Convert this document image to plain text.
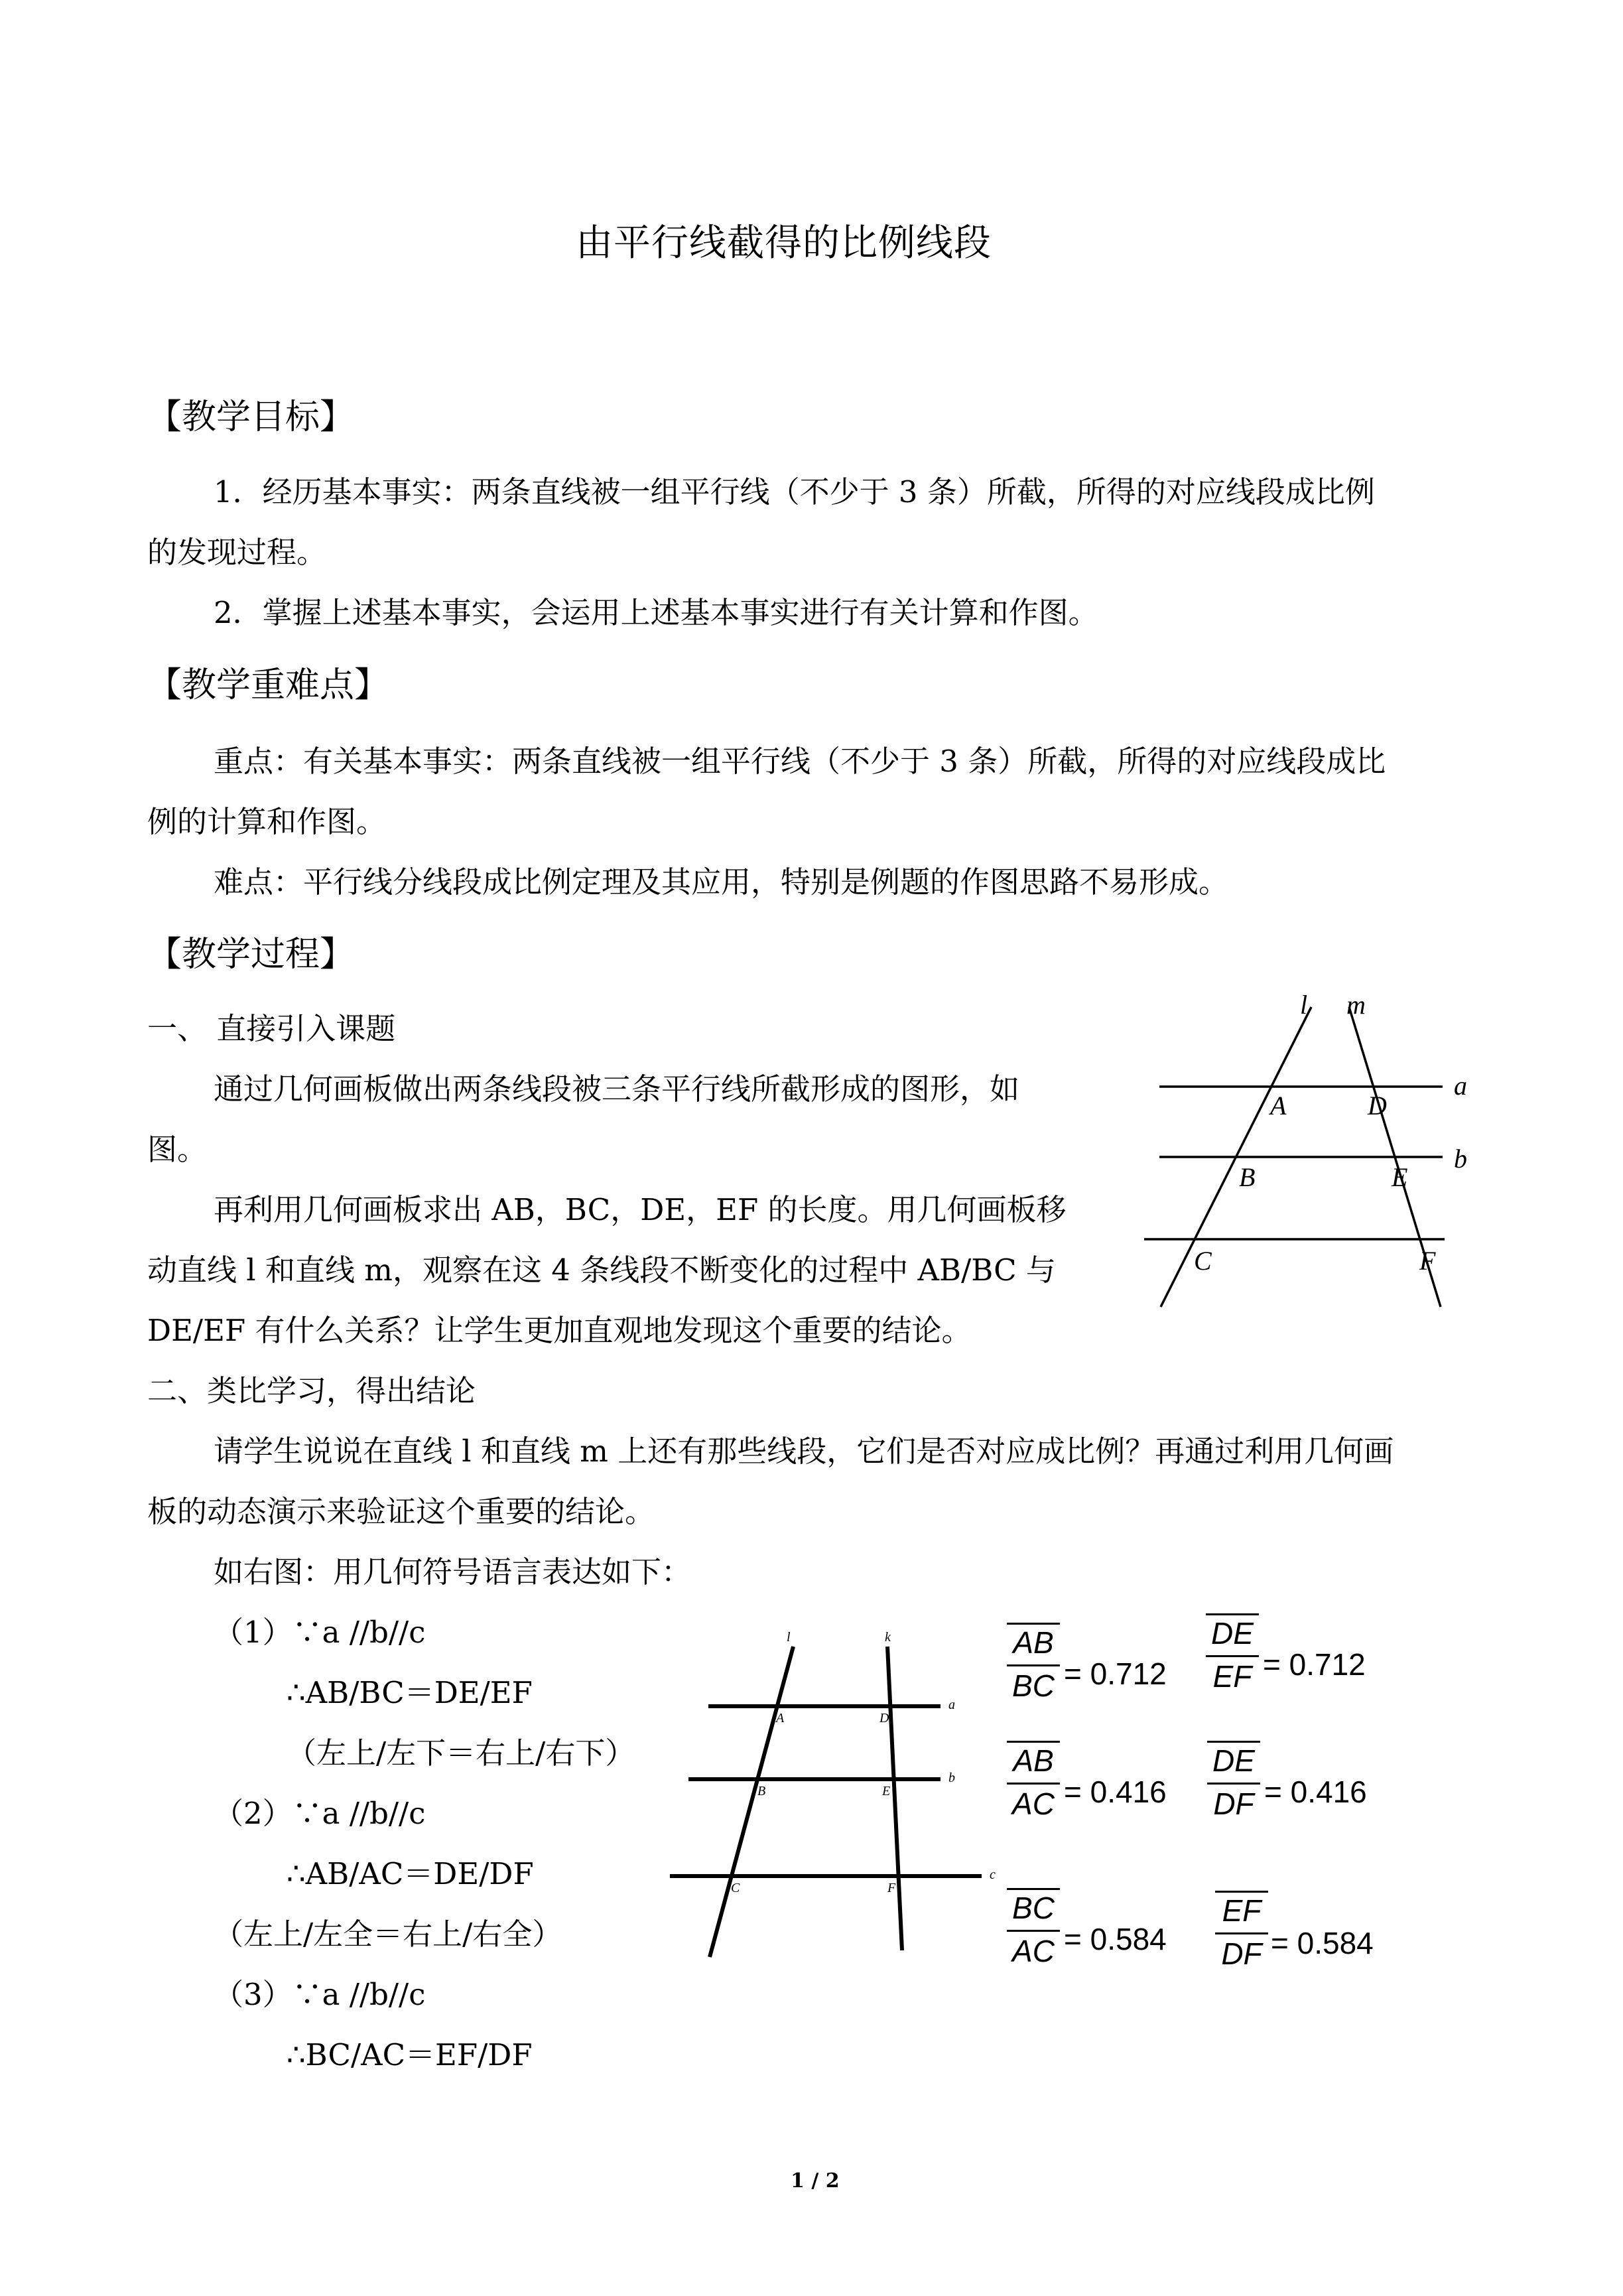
由平行线截得的比例线段
【教学目标】
1．经历基本事实：两条直线被一组平行线（不少于 3 条）所截，所得的对应线段成比例
的发现过程。
2．掌握上述基本事实，会运用上述基本事实进行有关计算和作图。
【教学重难点】
重点：有关基本事实：两条直线被一组平行线（不少于 3 条）所截，所得的对应线段成比
例的计算和作图。
难点：平行线分线段成比例定理及其应用，特别是例题的作图思路不易形成。
【教学过程】
一、 直接引入课题
通过几何画板做出两条线段被三条平行线所截形成的图形，如
图。
再利用几何画板求出 AB，BC，DE，EF 的长度。用几何画板移
动直线 l 和直线 m，观察在这 4 条线段不断变化的过程中 AB/BC 与
DE/EF 有什么关系？让学生更加直观地发现这个重要的结论。
l m
a
b
A	D
B	E
C	F
二、类比学习，得出结论
请学生说说在直线 l 和直线 m 上还有那些线段，它们是否对应成比例？再通过利用几何画
板的动态演示来验证这个重要的结论。
如右图：用几何符号语言表达如下：
（1）∵a //b//c
∴AB/BC＝DE/EF
（左上/左下＝右上/右下）
（2）∵a //b//c
∴AB/AC＝DE/DF
（左上/左全＝右上/右全）
（3）∵a //b//c
∴BC/AC＝EF/DF
l	k
a
b
c
A	D
B	E
C	F
AB
BC = 0.712
DE
EF = 0.712
AB
AC = 0.416
DE
DF = 0.416
BC
AC = 0.584
EF
DF = 0.584
1 / 2
